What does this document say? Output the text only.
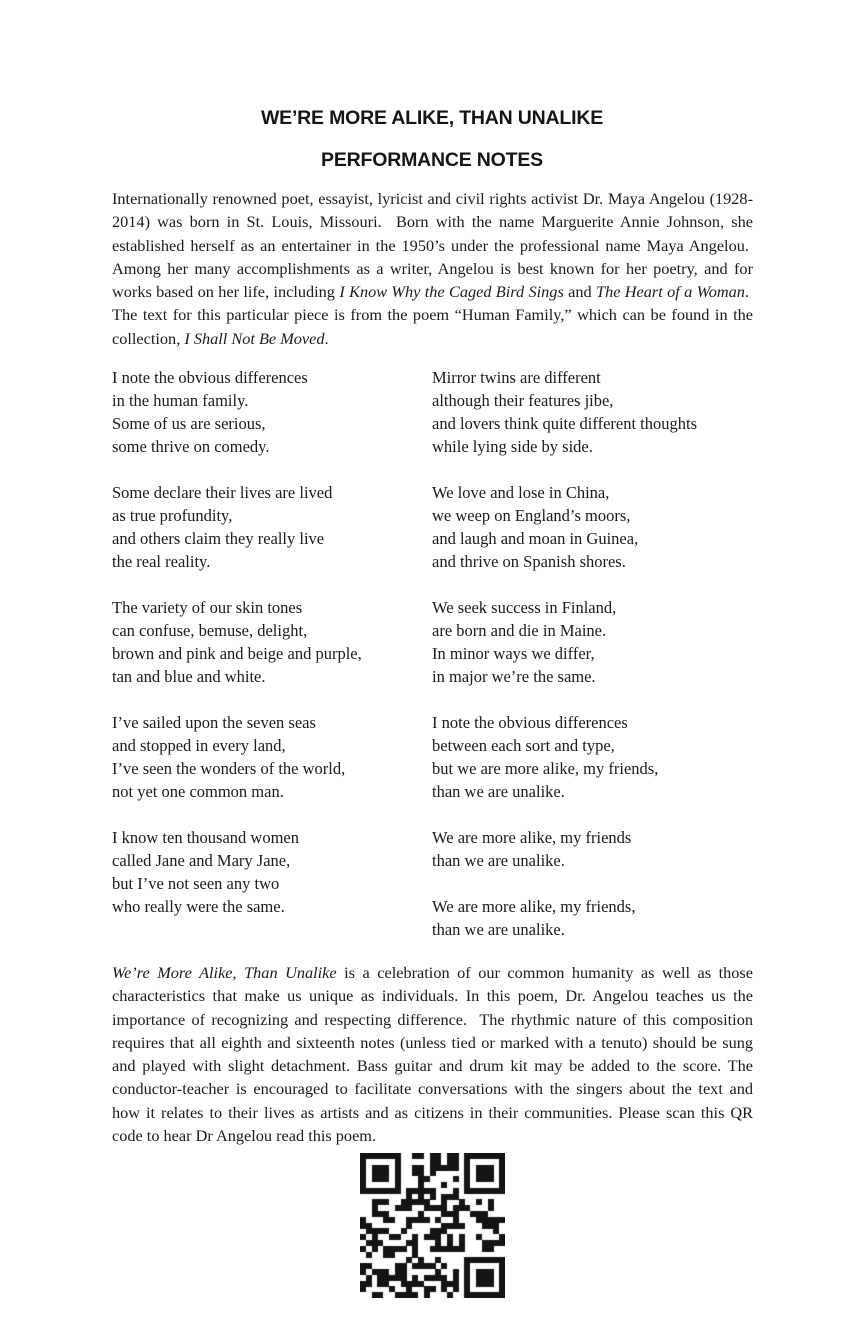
WE’RE MORE ALIKE, THAN UNALIKE
PERFORMANCE NOTES

Internationally renowned poet, essayist, lyricist and civil rights activist Dr. Maya Angelou (1928-2014) was born in St. Louis, Missouri.  Born with the name Marguerite Annie Johnson, she established herself as an entertainer in the 1950’s under the professional name Maya Angelou.  Among her many accomplishments as a writer, Angelou is best known for her poetry, and for works based on her life, including I Know Why the Caged Bird Sings and The Heart of a Woman.  The text for this particular piece is from the poem “Human Family,” which can be found in the collection, I Shall Not Be Moved.

I note the obvious differences
in the human family.
Some of us are serious,
some thrive on comedy.
Some declare their lives are lived
as true profundity,
and others claim they really live
the real reality.
The variety of our skin tones
can confuse, bemuse, delight,
brown and pink and beige and purple,
tan and blue and white.
I’ve sailed upon the seven seas
and stopped in every land,
I’ve seen the wonders of the world,
not yet one common man.
I know ten thousand women
called Jane and Mary Jane,
but I’ve not seen any two
who really were the same.
Mirror twins are different
although their features jibe,
and lovers think quite different thoughts
while lying side by side.
We love and lose in China,
we weep on England’s moors,
and laugh and moan in Guinea,
and thrive on Spanish shores.
We seek success in Finland,
are born and die in Maine.
In minor ways we differ,
in major we’re the same.
I note the obvious differences
between each sort and type,
but we are more alike, my friends,
than we are unalike.
We are more alike, my friends
than we are unalike.
We are more alike, my friends,
than we are unalike.

We’re More Alike, Than Unalike is a celebration of our common humanity as well as those characteristics that make us unique as individuals. In this poem, Dr. Angelou teaches us the importance of recognizing and respecting difference.  The rhythmic nature of this composition requires that all eighth and sixteenth notes (unless tied or marked with a tenuto) should be sung and played with slight detachment. Bass guitar and drum kit may be added to the score. The conductor-teacher is encouraged to facilitate conversations with the singers about the text and how it relates to their lives as artists and as citizens in their communities. Please scan this QR code to hear Dr Angelou read this poem.
